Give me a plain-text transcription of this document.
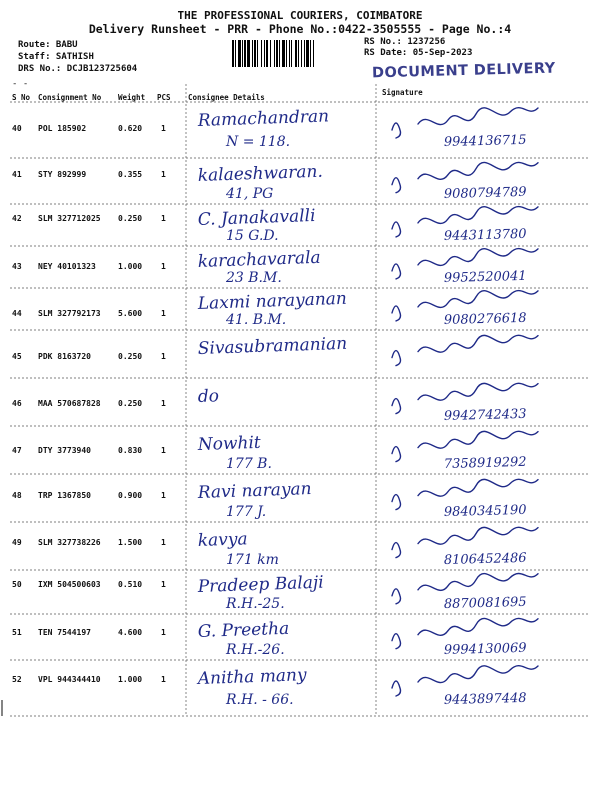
THE PROFESSIONAL COURIERS, COIMBATORE
Delivery Runsheet - PRR - Phone No.:0422-3505555 - Page No.:4
Route: BABU
Staff: SATHISH
DRS No.: DCJB123725604
RS No.: 1237256
RS Date: 05-Sep-2023
DOCUMENT DELIVERY
- -
S No Consignment No Weight PCS Consignee Details
Signature
40 POL 185902	0.620 1 Ramachandran
N = 118.	9944136715
41 STY 892999	0.355 1 kalaeshwaran.
41, PG	9080794789
42 SLM 327712025 0.250 1 C. Janakavalli
15 G.D.	9443113780
43 NEY 40101323	1.000 1 karachavarala
23 B.M.	9952520041
44 SLM 327792173 5.600 1 Laxmi narayanan
41. B.M.	9080276618
45 PDK 8163720	0.250 1 Sivasubramanian
46 MAA 570687828 0.250 1 do
9942742433
47 DTY 3773940	0.830 1 Nowhit
177 B.	7358919292
48 TRP 1367850	0.900 1 Ravi narayan
177 J.	9840345190
49 SLM 327738226 1.500 1 kavya
171 km	8106452486
50 IXM 504500603 0.510 1 Pradeep Balaji
R.H.-25.	8870081695
51 TEN 7544197	4.600 1 G. Preetha
R.H.-26.	9994130069
52 VPL 944344410 1.000 1 Anitha many
R.H. - 66.	9443897448
